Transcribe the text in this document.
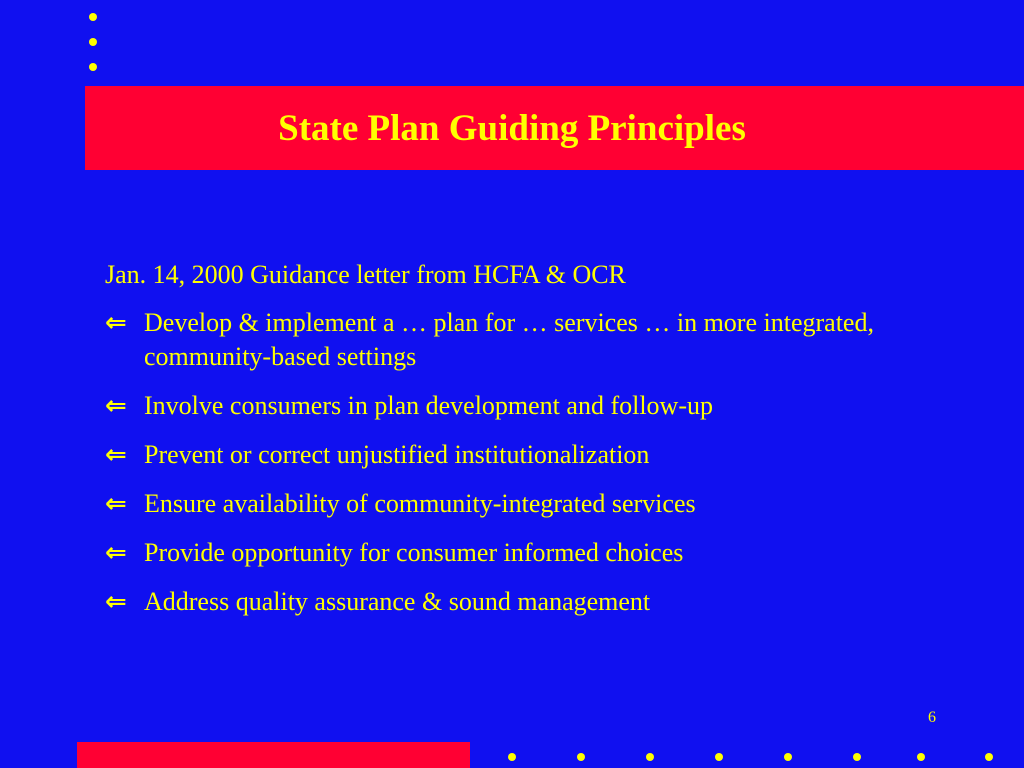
State Plan Guiding Principles

Jan. 14, 2000 Guidance letter from HCFA & OCR

⇐ Develop & implement a … plan for … services … in more integrated, community-based settings
⇐ Involve consumers in plan development and follow-up
⇐ Prevent or correct unjustified institutionalization
⇐ Ensure availability of community-integrated services
⇐ Provide opportunity for consumer informed choices
⇐ Address quality assurance & sound management
6
